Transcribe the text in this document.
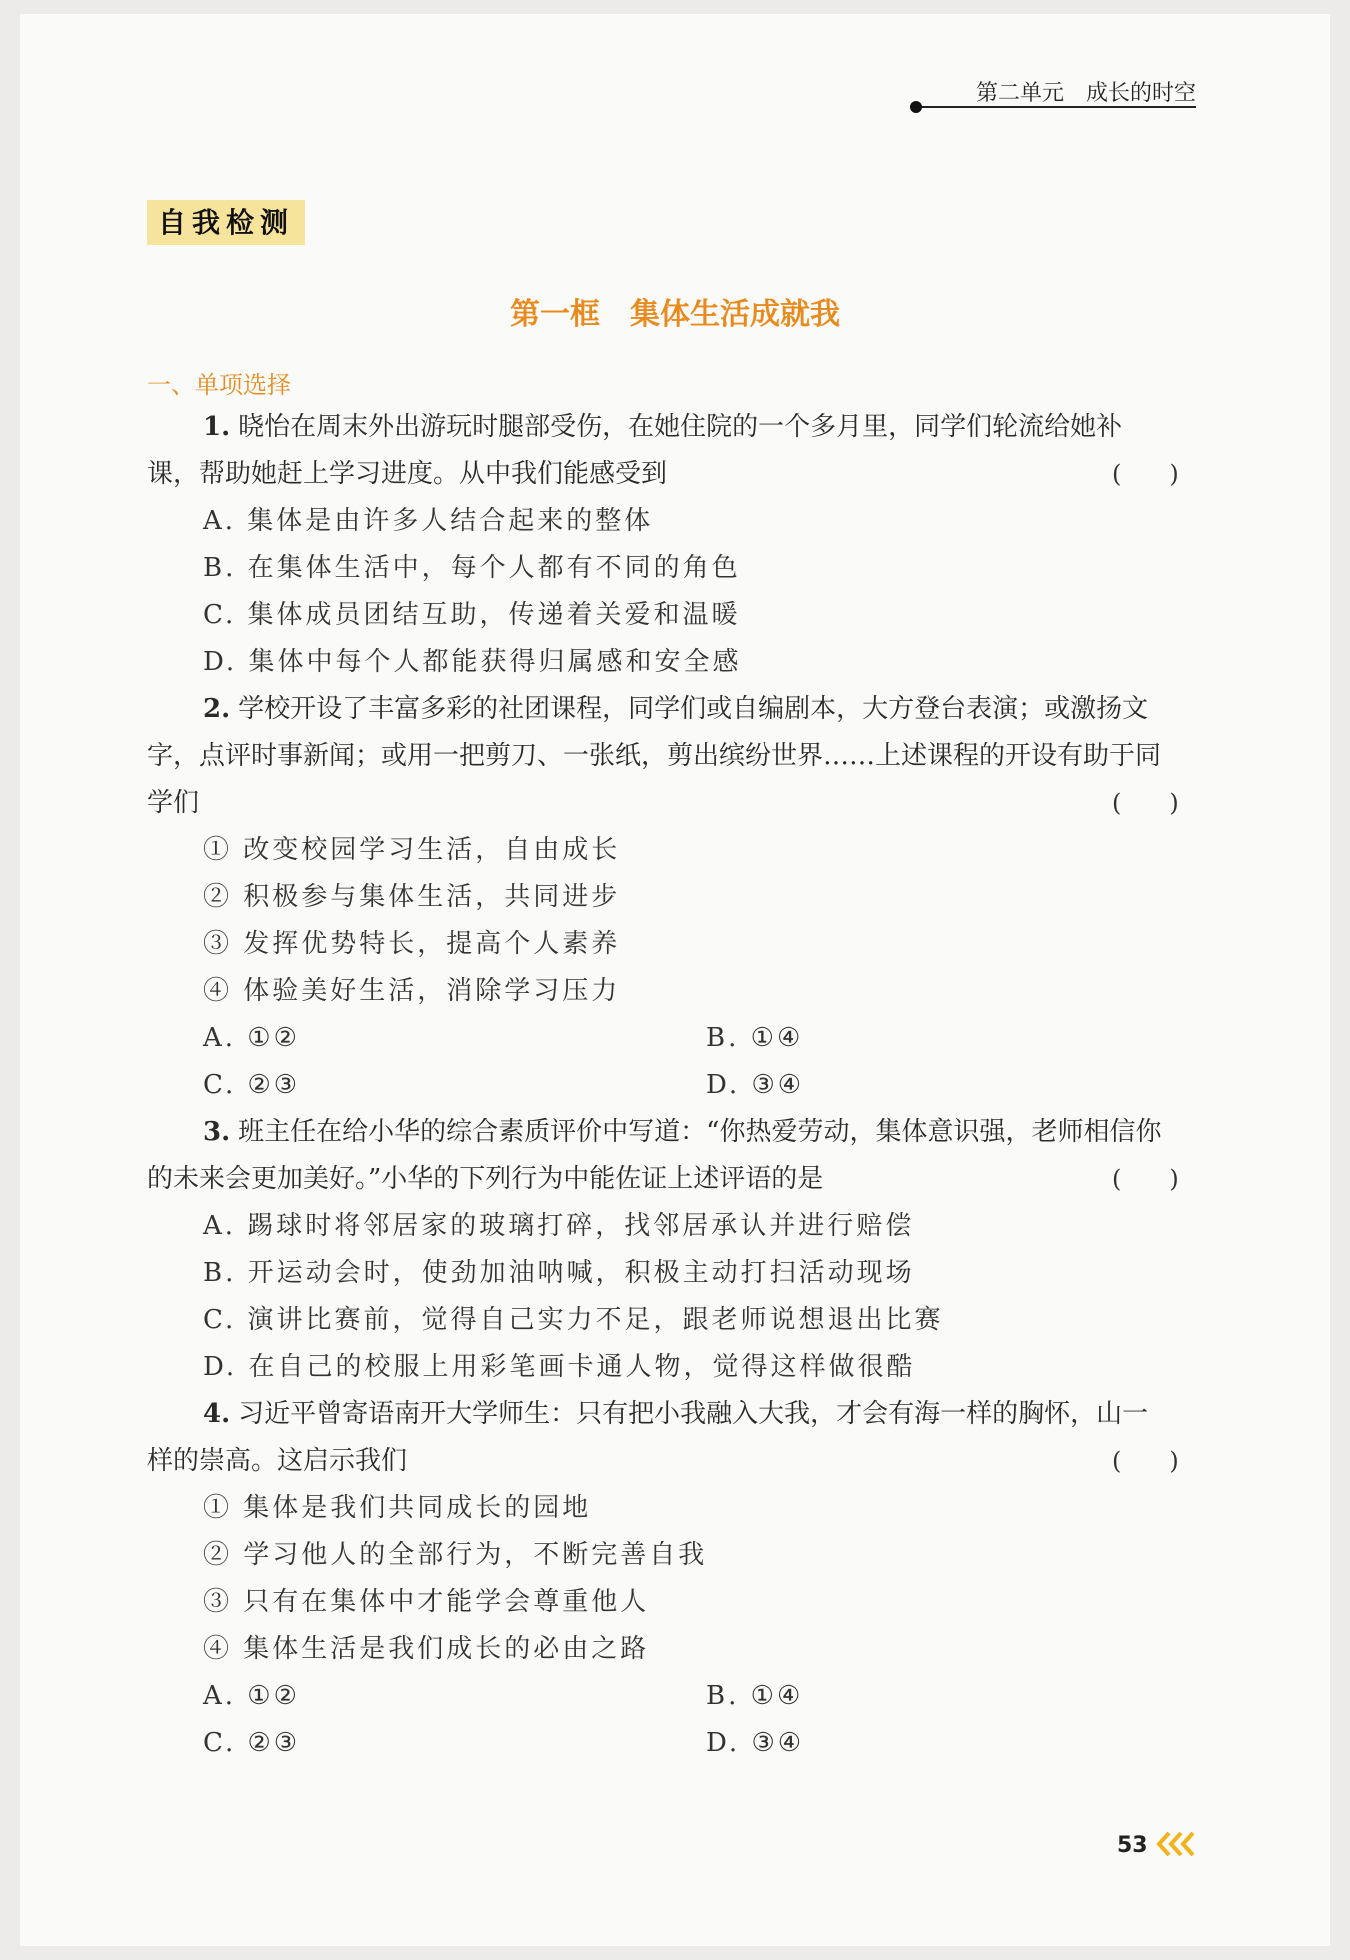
第二单元　成长的时空
自我检测
第一框　集体生活成就我
一、单项选择
1. 晓怡在周末外出游玩时腿部受伤，在她住院的一个多月里，同学们轮流给她补
课，帮助她赶上学习进度。从中我们能感受到	(　　)
A. 集体是由许多人结合起来的整体
B. 在集体生活中，每个人都有不同的角色
C. 集体成员团结互助，传递着关爱和温暖
D. 集体中每个人都能获得归属感和安全感
2. 学校开设了丰富多彩的社团课程，同学们或自编剧本，大方登台表演；或激扬文
字，点评时事新闻；或用一把剪刀、一张纸，剪出缤纷世界……上述课程的开设有助于同
学们	(　　)
① 改变校园学习生活，自由成长
② 积极参与集体生活，共同进步
③ 发挥优势特长，提高个人素养
④ 体验美好生活，消除学习压力
A. ①②	B. ①④
C. ②③	D. ③④
3. 班主任在给小华的综合素质评价中写道：“你热爱劳动，集体意识强，老师相信你
的未来会更加美好。”小华的下列行为中能佐证上述评语的是	(　　)
A. 踢球时将邻居家的玻璃打碎，找邻居承认并进行赔偿
B. 开运动会时，使劲加油呐喊，积极主动打扫活动现场
C. 演讲比赛前，觉得自己实力不足，跟老师说想退出比赛
D. 在自己的校服上用彩笔画卡通人物，觉得这样做很酷
4. 习近平曾寄语南开大学师生：只有把小我融入大我，才会有海一样的胸怀，山一
样的崇高。这启示我们	(　　)
① 集体是我们共同成长的园地
② 学习他人的全部行为，不断完善自我
③ 只有在集体中才能学会尊重他人
④ 集体生活是我们成长的必由之路
A. ①②	B. ①④
C. ②③	D. ③④
53
